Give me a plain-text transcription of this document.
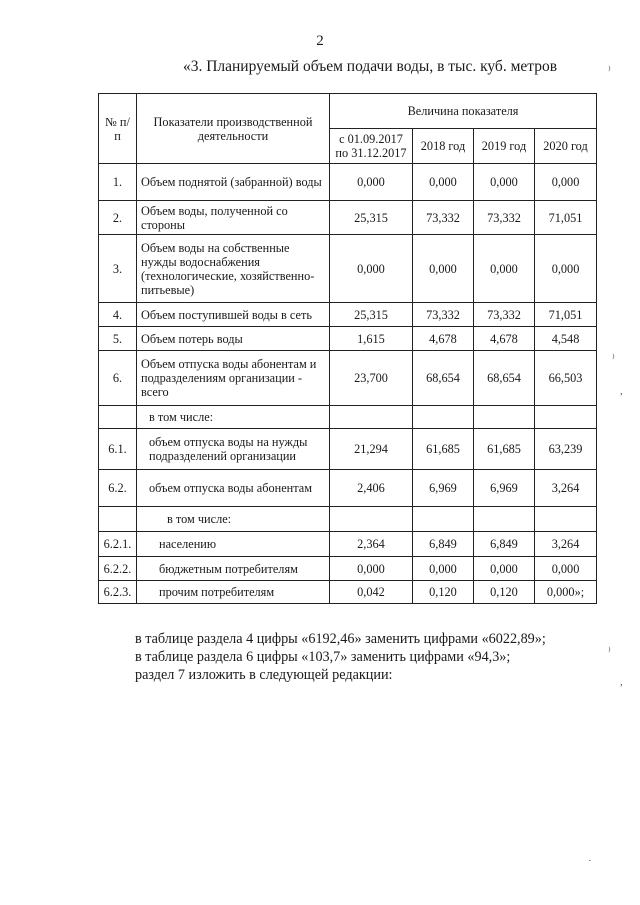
2
«3. Планируемый объем подачи воды, в тыс. куб. метров
№ п/п	Показатели производственной деятельности	Величина показателя			
		с 01.09.2017 по 31.12.2017	2018 год	2019 год	2020 год
1.	Объем поднятой (забранной) воды	0,000	0,000	0,000	0,000
2.	Объем воды, полученной со стороны	25,315	73,332	73,332	71,051
3.	Объем воды на собственные нужды водоснабжения (технологические, хозяйственно-питьевые)	0,000	0,000	0,000	0,000
4.	Объем поступившей воды в сеть	25,315	73,332	73,332	71,051
5.	Объем потерь воды	1,615	4,678	4,678	4,548
6.	Объем отпуска воды абонентам и подразделениям организации - всего	23,700	68,654	68,654	66,503
	в том числе:				
6.1.	объем отпуска воды на нужды подразделений организации	21,294	61,685	61,685	63,239
6.2.	объем отпуска воды абонентам	2,406	6,969	6,969	3,264
	в том числе:				
6.2.1.	населению	2,364	6,849	6,849	3,264
6.2.2.	бюджетным потребителям	0,000	0,000	0,000	0,000
6.2.3.	прочим потребителям	0,042	0,120	0,120	0,000»;
в таблице раздела 4 цифры «6192,46» заменить цифрами «6022,89»;
в таблице раздела 6 цифры «103,7» заменить цифрами «94,3»;
раздел 7 изложить в следующей редакции:
⁾
⁾
,
⁾
,
·
